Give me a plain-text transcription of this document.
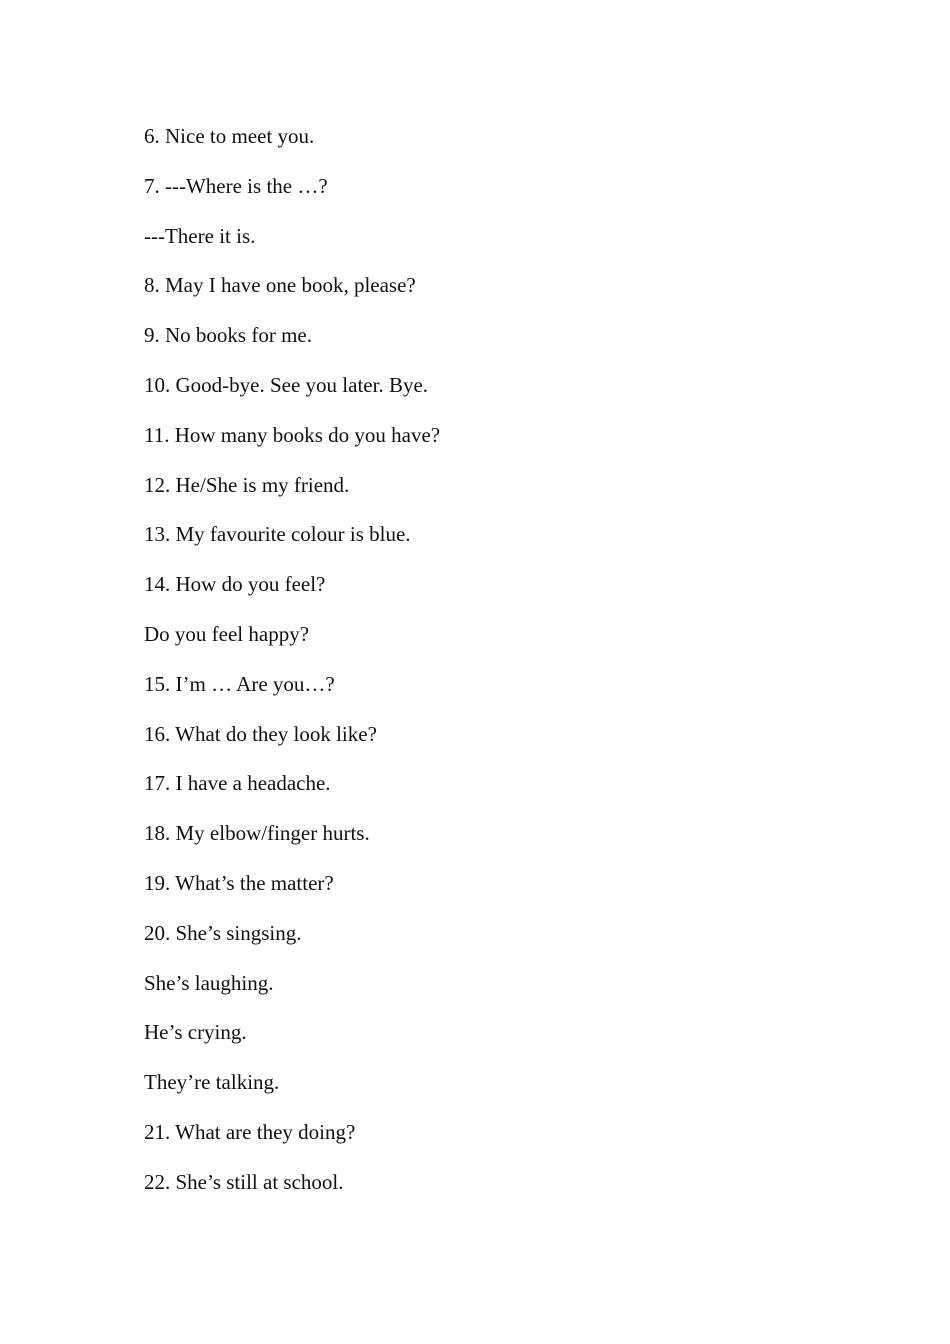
6. Nice to meet you.
7. ---Where is the …?
---There it is.
8. May I have one book, please?
9. No books for me.
10. Good-bye. See you later. Bye.
11. How many books do you have?
12. He/She is my friend.
13. My favourite colour is blue.
14. How do you feel?
Do you feel happy?
15. I’m … Are you…?
16. What do they look like?
17. I have a headache.
18. My elbow/finger hurts.
19. What’s the matter?
20. She’s singsing.
She’s laughing.
He’s crying.
They’re talking.
21. What are they doing?
22. She’s still at school.
